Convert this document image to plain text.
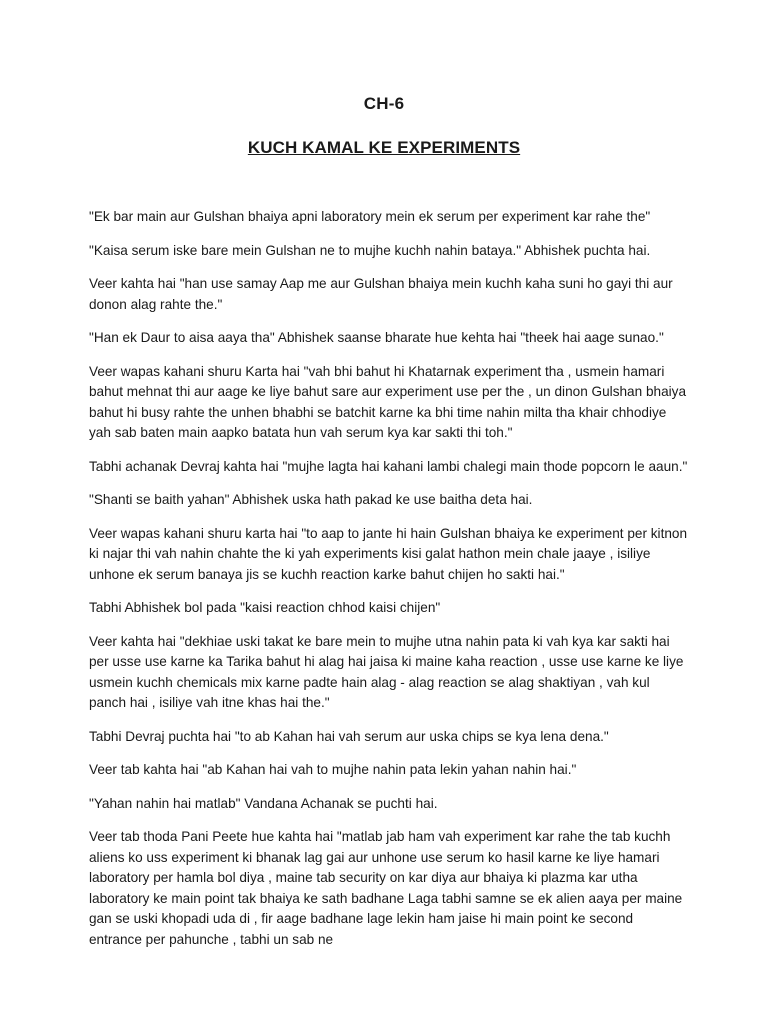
CH-6
KUCH KAMAL KE EXPERIMENTS

"Ek bar main aur Gulshan bhaiya apni laboratory mein ek serum per experiment kar rahe the"

"Kaisa serum iske bare mein Gulshan ne to mujhe kuchh nahin bataya." Abhishek puchta hai.

Veer kahta hai "han use samay Aap me aur Gulshan bhaiya mein kuchh kaha suni ho gayi thi aur donon alag rahte the."

"Han ek Daur to aisa aaya tha" Abhishek saanse bharate hue kehta hai "theek hai aage sunao."

Veer wapas kahani shuru Karta hai "vah bhi bahut hi Khatarnak experiment tha , usmein hamari bahut mehnat thi aur aage ke liye bahut sare aur experiment use per the , un dinon Gulshan bhaiya bahut hi busy rahte the unhen bhabhi se batchit karne ka bhi time nahin milta tha khair chhodiye yah sab baten main aapko batata hun vah serum kya kar sakti thi toh."

Tabhi achanak Devraj kahta hai "mujhe lagta hai kahani lambi chalegi main thode popcorn le aaun."

"Shanti se baith yahan" Abhishek uska hath pakad ke use baitha deta hai.

Veer wapas kahani shuru karta hai "to aap to jante hi hain Gulshan bhaiya ke experiment per kitnon ki najar thi vah nahin chahte the ki yah experiments kisi galat hathon mein chale jaaye , isiliye unhone ek serum banaya jis se kuchh reaction karke bahut chijen ho sakti hai."

Tabhi Abhishek bol pada "kaisi reaction chhod kaisi chijen"

Veer kahta hai "dekhiae uski takat ke bare mein to mujhe utna nahin pata ki vah kya kar sakti hai per usse use karne ka Tarika bahut hi alag hai jaisa ki maine kaha reaction , usse use karne ke liye usmein kuchh chemicals mix karne padte hain alag - alag reaction se alag shaktiyan , vah kul panch hai , isiliye vah itne khas hai the."

Tabhi Devraj puchta hai "to ab Kahan hai vah serum aur uska chips se kya lena dena."

Veer tab kahta hai "ab Kahan hai vah to mujhe nahin pata lekin yahan nahin hai."

"Yahan nahin hai matlab" Vandana Achanak se puchti hai.

Veer tab thoda Pani Peete hue kahta hai "matlab jab ham vah experiment kar rahe the tab kuchh aliens ko uss experiment ki bhanak lag gai aur unhone use serum ko hasil karne ke liye hamari laboratory per hamla bol diya , maine tab security on kar diya aur bhaiya ki plazma kar utha laboratory ke main point tak bhaiya ke sath badhane Laga tabhi samne se ek alien aaya per maine gan se uski khopadi uda di , fir aage badhane lage lekin ham jaise hi main point ke second entrance per pahunche , tabhi un sab ne
